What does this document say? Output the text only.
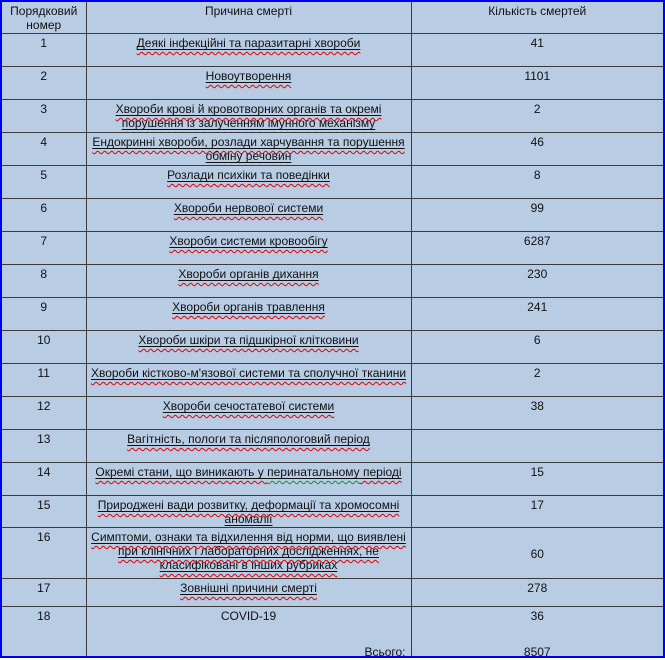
Порядковий номер	Причина смерті	Кількість смертей
1	Деякі інфекційні та паразитарні хвороби	41
2	Новоутворення	1101
3	Хвороби крові й кровотворних органів та окремі порушення із залученням імунного механізму	2
4	Ендокринні хвороби, розлади харчування та порушення обміну речовин	46
5	Розлади психіки та поведінки	8
6	Хвороби нервової системи	99
7	Хвороби системи кровообігу	6287
8	Хвороби органів дихання	230
9	Хвороби органів травлення	241
10	Хвороби шкіри та підшкірної клітковини	6
11	Хвороби кістково-м'язової системи та сполучної тканини	2
12	Хвороби сечостатевої системи	38
13	Вагітність, пологи та післяпологовий період	
14	Окремі стани, що виникають у перинатальному періоді	15
15	Природжені вади розвитку, деформації та хромосомні аномалії	17
16	Симптоми, ознаки та відхилення від норми, що виявлені при клінічних і лабораторних дослідженнях, не класифіковані в інших рубриках	60
17	Зовнішні причини смерті	278
18	COVID-19	36
	Всього:	8507
